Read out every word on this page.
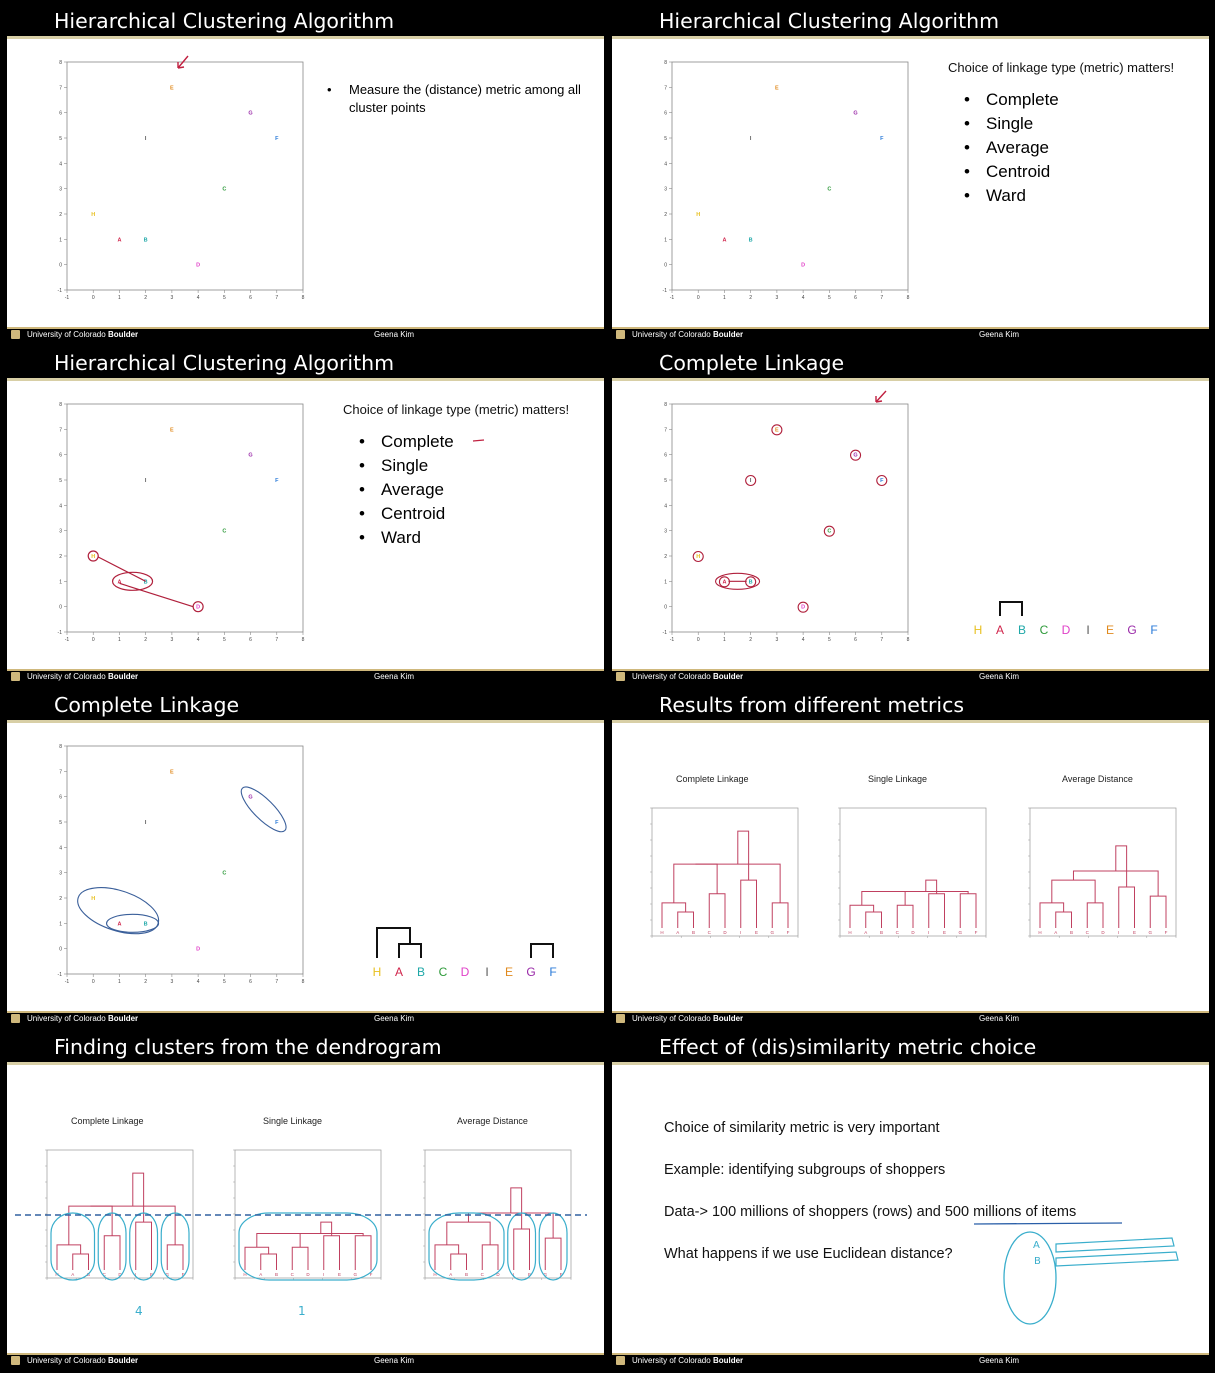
Hierarchical Clustering Algorithm
-1	0	1	2	3	4	5	6	7	8
-1
0
1
2
3
4
5
6
7
8
A	B
C
D
E
F
G
H
I
• Measure the (distance) metric among all cluster points
University of Colorado Boulder	Geena Kim
Hierarchical Clustering Algorithm
-1	0	1	2	3	4	5	6	7	8
-1
0
1
2
3
4
5
6
7
8
A	B
C
D
E
F
G
H
I
Choice of linkage type (metric) matters!
• Complete
• Single
• Average
• Centroid
• Ward
University of Colorado Boulder	Geena Kim
Hierarchical Clustering Algorithm
-1	0	1	2	3	4	5	6	7	8
-1
0
1
2
3
4
5
6
7
8
A	B
C
D
E
F
G
H
I
Choice of linkage type (metric) matters!
• Complete
• Single
• Average
• Centroid
• Ward
University of Colorado Boulder	Geena Kim
Complete Linkage
-1	0	1	2	3	4	5	6	7	8
-1
0
1
2
3
4
5
6
7
8
A	B
C
D
E
F
G
H
I
H A B C D I E G F
University of Colorado Boulder	Geena Kim
Complete Linkage
-1	0	1	2	3	4	5	6	7	8
-1
0
1
2
3
4
5
6
7
8
A	B
C
D
E
F
G
H
I
H A B C D I E G F
University of Colorado Boulder	Geena Kim
Results from different metrics
Complete Linkage	Single Linkage	Average Distance
H	A	B	C	D	I	E	G	F	H	A	B	C	D	I	E	G	F	H	A	B	C	D	I	E	G	F
University of Colorado Boulder	Geena Kim
Finding clusters from the dendrogram
Complete Linkage	Single Linkage	Average Distance
H	A	B	C	D	I	E	G	F	H	A	B	C	D	I	E	G	F	H	A	B	C	D	I	E	G	F
4	1
University of Colorado Boulder	Geena Kim
Effect of (dis)similarity metric choice
Choice of similarity metric is very important
Example: identifying subgroups of shoppers
Data-> 100 millions of shoppers (rows) and 500 millions of items
What happens if we use Euclidean distance?
A
B
University of Colorado Boulder	Geena Kim
